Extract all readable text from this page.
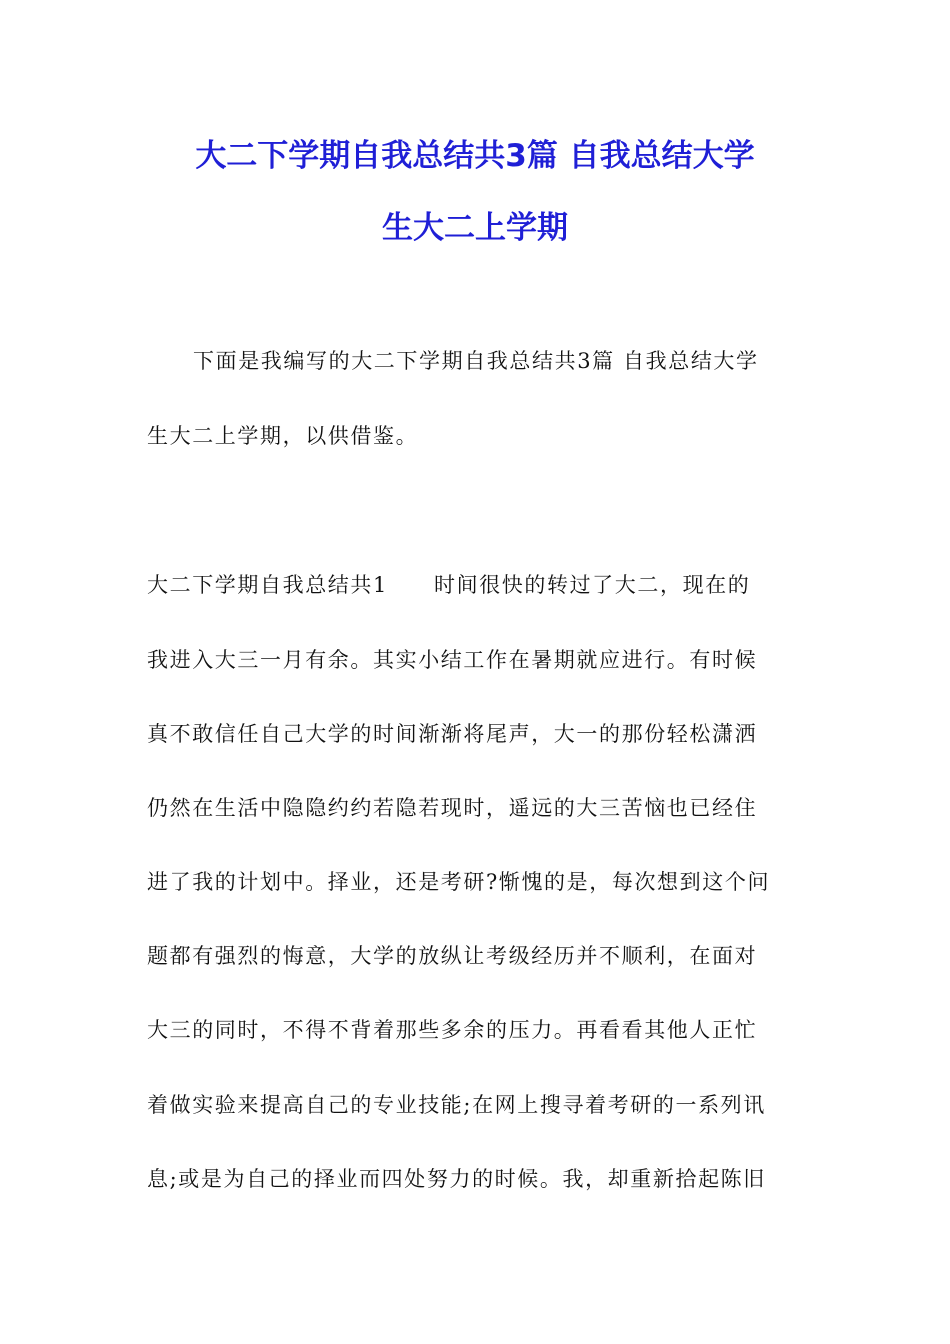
大二下学期自我总结共3篇 自我总结大学
生大二上学期
下面是我编写的大二下学期自我总结共3篇 自我总结大学
生大二上学期，以供借鉴。
大二下学期自我总结共1 时间很快的转过了大二，现在的
我进入大三一月有余。其实小结工作在暑期就应进行。有时候
真不敢信任自己大学的时间渐渐将尾声，大一的那份轻松潇洒
仍然在生活中隐隐约约若隐若现时，遥远的大三苦恼也已经住
进了我的计划中。择业，还是考研?惭愧的是，每次想到这个问
题都有强烈的悔意，大学的放纵让考级经历并不顺利，在面对
大三的同时，不得不背着那些多余的压力。再看看其他人正忙
着做实验来提高自己的专业技能;在网上搜寻着考研的一系列讯
息;或是为自己的择业而四处努力的时候。我，却重新拾起陈旧
